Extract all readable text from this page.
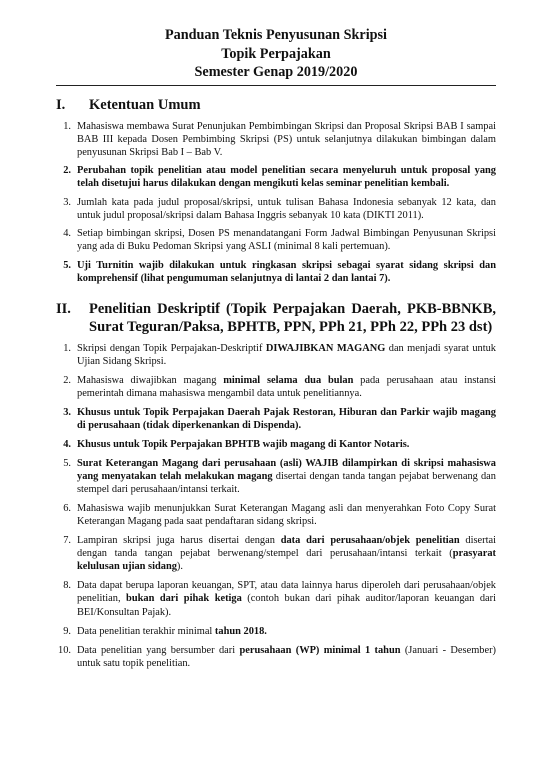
Panduan Teknis Penyusunan Skripsi
Topik Perpajakan
Semester Genap 2019/2020
I.	Ketentuan Umum
1. Mahasiswa membawa Surat Penunjukan Pembimbingan Skripsi dan Proposal Skripsi BAB I sampai BAB III kepada Dosen Pembimbing Skripsi (PS) untuk selanjutnya dilakukan bimbingan dalam penyusunan Skripsi Bab I – Bab V.
2. Perubahan topik penelitian atau model penelitian secara menyeluruh untuk proposal yang telah disetujui harus dilakukan dengan mengikuti kelas seminar penelitian kembali.
3. Jumlah kata pada judul proposal/skripsi, untuk tulisan Bahasa Indonesia sebanyak 12 kata, dan untuk judul proposal/skripsi dalam Bahasa Inggris sebanyak 10 kata (DIKTI 2011).
4. Setiap bimbingan skripsi, Dosen PS menandatangani Form Jadwal Bimbingan Penyusunan Skripsi yang ada di Buku Pedoman Skripsi yang ASLI (minimal 8 kali pertemuan).
5. Uji Turnitin wajib dilakukan untuk ringkasan skripsi sebagai syarat sidang skripsi dan komprehensif (lihat pengumuman selanjutnya di lantai 2 dan lantai 7).
II.	Penelitian Deskriptif (Topik Perpajakan Daerah, PKB-BBNKB, Surat Teguran/Paksa, BPHTB, PPN, PPh 21, PPh 22, PPh 23 dst)
1. Skripsi dengan Topik Perpajakan-Deskriptif DIWAJIBKAN MAGANG dan menjadi syarat untuk Ujian Sidang Skripsi.
2. Mahasiswa diwajibkan magang minimal selama dua bulan pada perusahaan atau instansi pemerintah dimana mahasiswa mengambil data untuk penelitiannya.
3. Khusus untuk Topik Perpajakan Daerah Pajak Restoran, Hiburan dan Parkir wajib magang di perusahaan (tidak diperkenankan di Dispenda).
4. Khusus untuk Topik Perpajakan BPHTB wajib magang di Kantor Notaris.
5. Surat Keterangan Magang dari perusahaan (asli) WAJIB dilampirkan di skripsi mahasiswa yang menyatakan telah melakukan magang disertai dengan tanda tangan pejabat berwenang dan stempel dari perusahaan/intansi terkait.
6. Mahasiswa wajib menunjukkan Surat Keterangan Magang asli dan menyerahkan Foto Copy Surat Keterangan Magang pada saat pendaftaran sidang skripsi.
7. Lampiran skripsi juga harus disertai dengan data dari perusahaan/objek penelitian disertai dengan tanda tangan pejabat berwenang/stempel dari perusahaan/intansi terkait (prasyarat kelulusan ujian sidang).
8. Data dapat berupa laporan keuangan, SPT, atau data lainnya harus diperoleh dari perusahaan/objek penelitian, bukan dari pihak ketiga (contoh bukan dari pihak auditor/laporan keuangan dari BEI/Konsultan Pajak).
9. Data penelitian terakhir minimal tahun 2018.
10. Data penelitian yang bersumber dari perusahaan (WP) minimal 1 tahun (Januari - Desember) untuk satu topik penelitian.
